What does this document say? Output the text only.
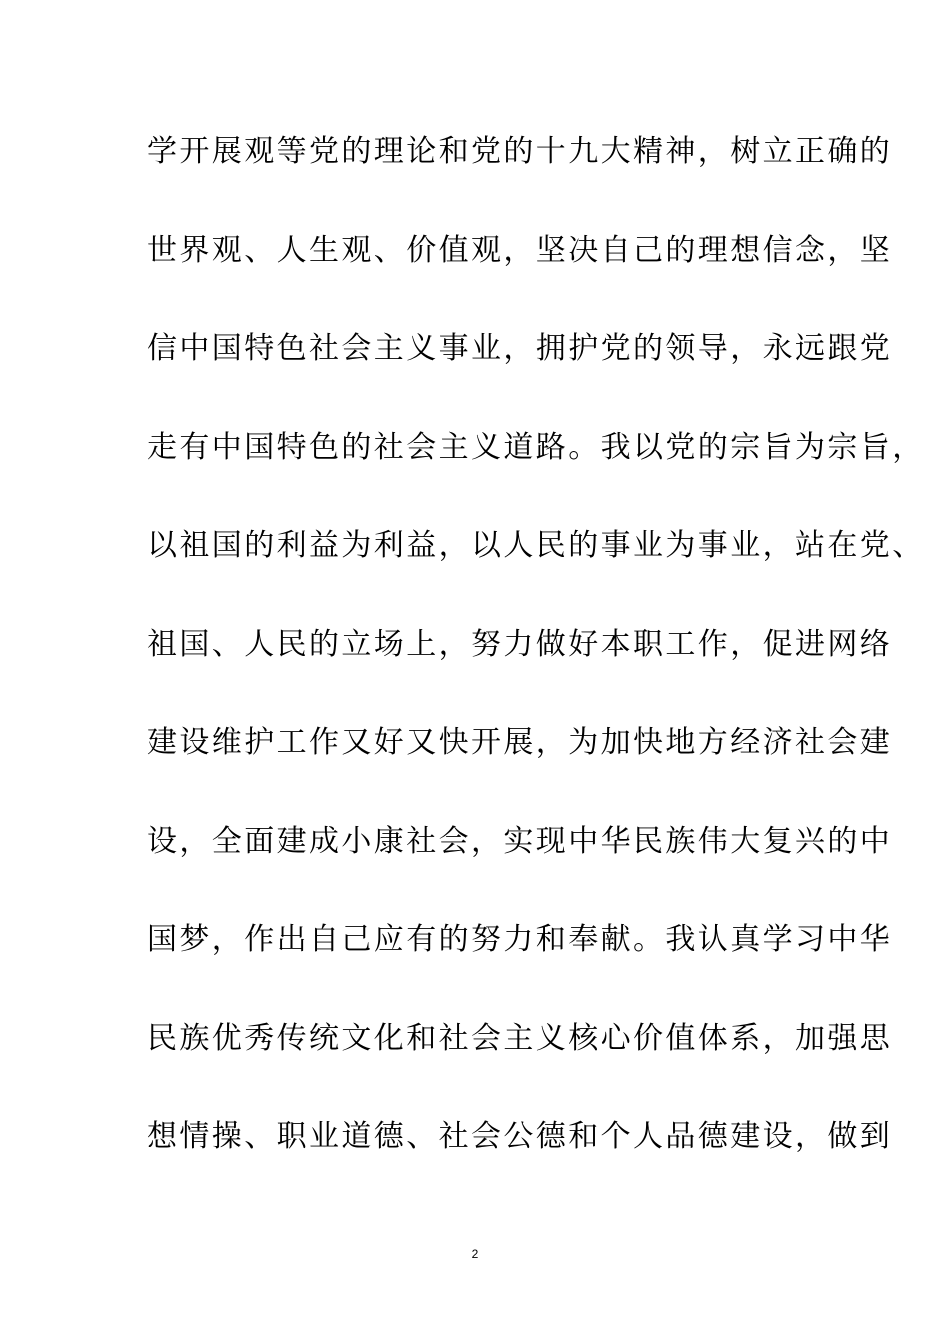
学开展观等党的理论和党的十九大精神，树立正确的
世界观、人生观、价值观，坚决自己的理想信念，坚
信中国特色社会主义事业，拥护党的领导，永远跟党
走有中国特色的社会主义道路。我以党的宗旨为宗旨，
以祖国的利益为利益，以人民的事业为事业，站在党、
祖国、人民的立场上，努力做好本职工作，促进网络
建设维护工作又好又快开展，为加快地方经济社会建
设，全面建成小康社会，实现中华民族伟大复兴的中
国梦，作出自己应有的努力和奉献。我认真学习中华
民族优秀传统文化和社会主义核心价值体系，加强思
想情操、职业道德、社会公德和个人品德建设，做到
2
